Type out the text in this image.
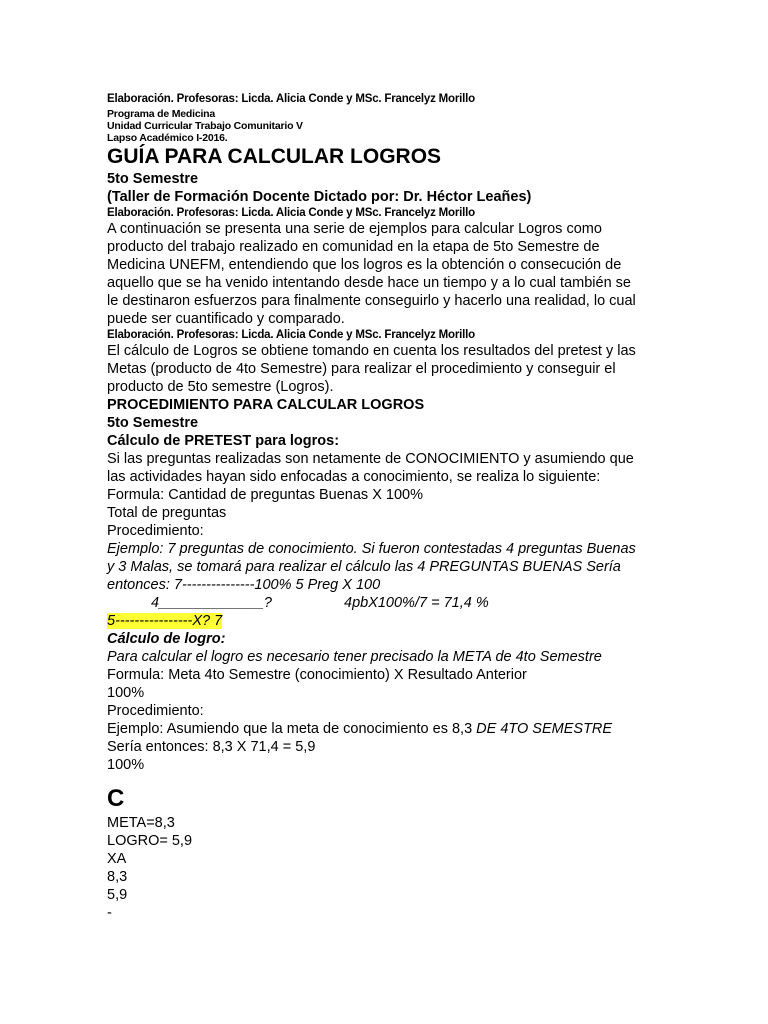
Elaboración. Profesoras: Licda. Alicia Conde y MSc. Francelyz Morillo
Programa de Medicina
Unidad Curricular Trabajo Comunitario V
Lapso Académico I-2016.
GUÍA PARA CALCULAR LOGROS
5to Semestre
(Taller de Formación Docente Dictado por: Dr. Héctor Leañes)
Elaboración. Profesoras: Licda. Alicia Conde y MSc. Francelyz Morillo
A continuación se presenta una serie de ejemplos para calcular Logros como
producto del trabajo realizado en comunidad en la etapa de 5to Semestre de
Medicina UNEFM, entendiendo que los logros es la obtención o consecución de
aquello que se ha venido intentando desde hace un tiempo y a lo cual también se
le destinaron esfuerzos para finalmente conseguirlo y hacerlo una realidad, lo cual
puede ser cuantificado y comparado.
Elaboración. Profesoras: Licda. Alicia Conde y MSc. Francelyz Morillo
El cálculo de Logros se obtiene tomando en cuenta los resultados del pretest y las
Metas (producto de 4to Semestre) para realizar el procedimiento y conseguir el
producto de 5to semestre (Logros).
PROCEDIMIENTO PARA CALCULAR LOGROS
5to Semestre
Cálculo de PRETEST para logros:
Si las preguntas realizadas son netamente de CONOCIMIENTO y asumiendo que
las actividades hayan sido enfocadas a conocimiento, se realiza lo siguiente:
Formula: Cantidad de preguntas Buenas X 100%
Total de preguntas
Procedimiento:
Ejemplo: 7 preguntas de conocimiento. Si fueron contestadas 4 preguntas Buenas
y 3 Malas, se tomará para realizar el cálculo las 4 PREGUNTAS BUENAS Sería
entonces: 7---------------100% 5 Preg X 100
4_____________?	4pbX100%/7 = 71,4 %
5----------------X? 7
Cálculo de logro:
Para calcular el logro es necesario tener precisado la META de 4to Semestre
Formula: Meta 4to Semestre (conocimiento) X Resultado Anterior
100%
Procedimiento:
Ejemplo: Asumiendo que la meta de conocimiento es 8,3 DE 4TO SEMESTRE
Sería entonces: 8,3 X 71,4 = 5,9
100%
C
META=8,3
LOGRO= 5,9
XA
8,3
5,9
-
